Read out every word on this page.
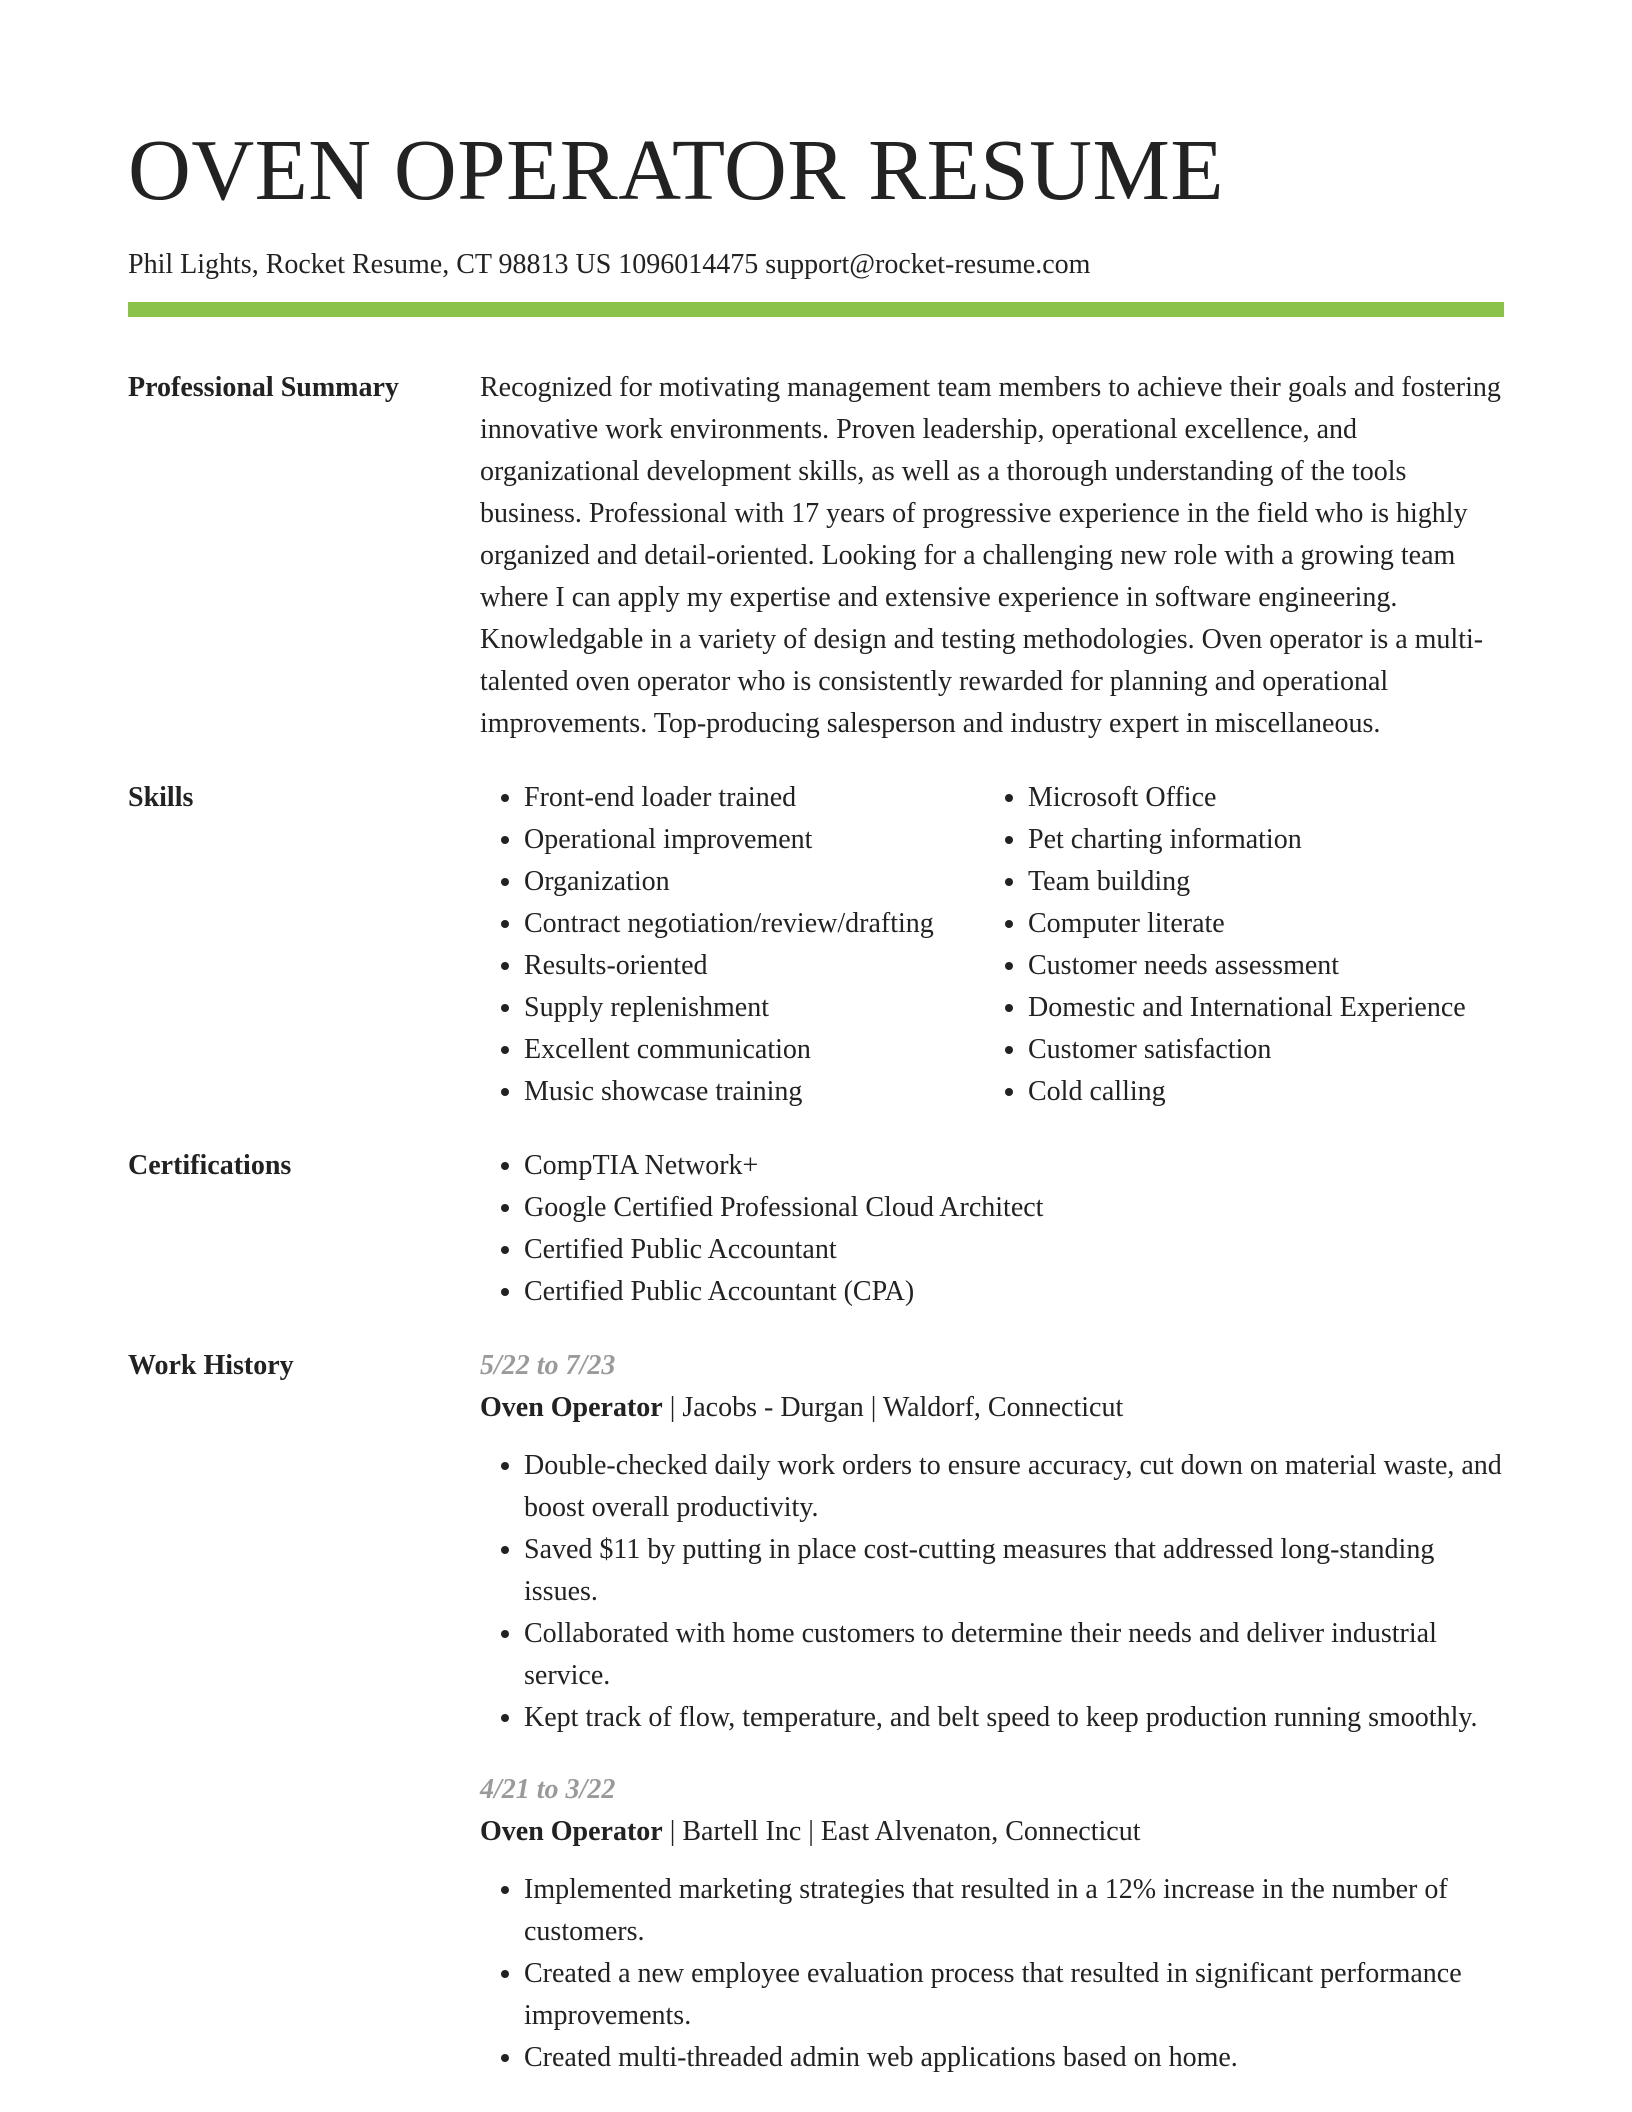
OVEN OPERATOR RESUME
Phil Lights, Rocket Resume, CT 98813 US 1096014475 support@rocket-resume.com
Professional Summary	Recognized for motivating management team members to achieve their goals and fostering innovative work environments. Proven leadership, operational excellence, and organizational development skills, as well as a thorough understanding of the tools business. Professional with 17 years of progressive experience in the field who is highly organized and detail-oriented. Looking for a challenging new role with a growing team where I can apply my expertise and extensive experience in software engineering. Knowledgable in a variety of design and testing methodologies. Oven operator is a multi-talented oven operator who is consistently rewarded for planning and operational improvements. Top-producing salesperson and industry expert in miscellaneous.

Skills	• Front-end loader trained
• Operational improvement
• Organization
• Contract negotiation/review/drafting
• Results-oriented
• Supply replenishment
• Excellent communication
• Music showcase training
• Microsoft Office
• Pet charting information
• Team building
• Computer literate
• Customer needs assessment
• Domestic and International Experience
• Customer satisfaction
• Cold calling
Certifications	• CompTIA Network+
• Google Certified Professional Cloud Architect
• Certified Public Accountant
• Certified Public Accountant (CPA)
Work History	5/22 to 7/23
Oven Operator | Jacobs - Durgan | Waldorf, Connecticut
• Double-checked daily work orders to ensure accuracy, cut down on material waste, and boost overall productivity.
• Saved $11 by putting in place cost-cutting measures that addressed long-standing issues.
• Collaborated with home customers to determine their needs and deliver industrial service.
• Kept track of flow, temperature, and belt speed to keep production running smoothly.
4/21 to 3/22
Oven Operator | Bartell Inc | East Alvenaton, Connecticut
• Implemented marketing strategies that resulted in a 12% increase in the number of customers.
• Created a new employee evaluation process that resulted in significant performance improvements.
• Created multi-threaded admin web applications based on home.
